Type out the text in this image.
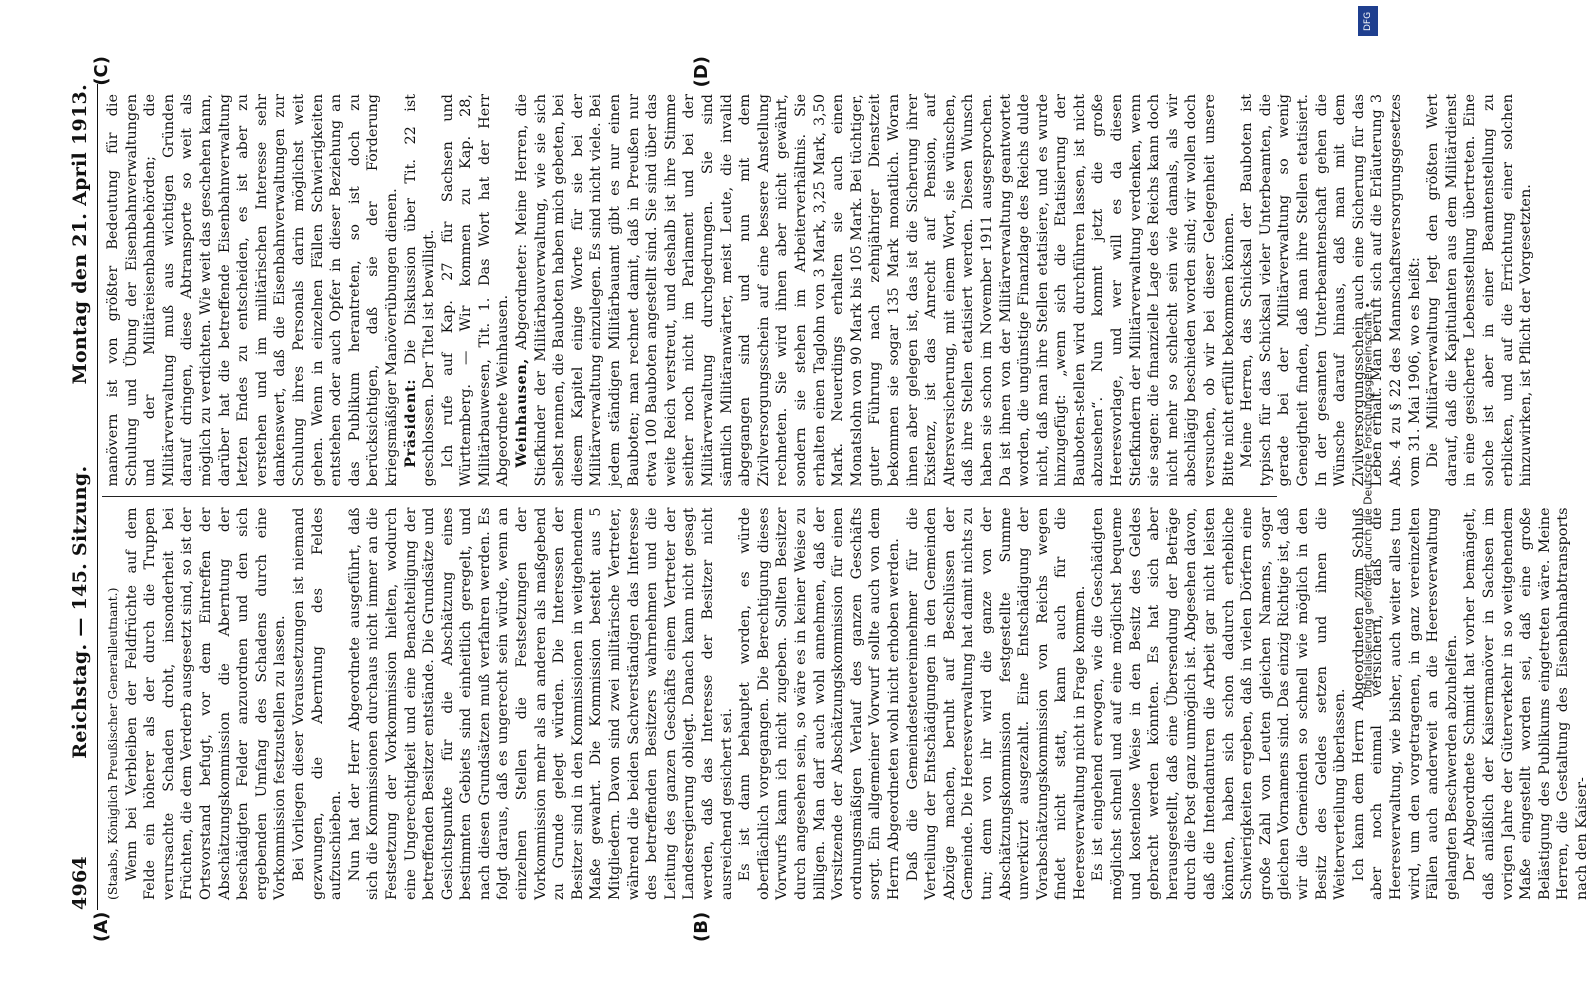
4964
Reichstag. — 145. Sitzung.
Montag den 21. April 1913.

(Staabs, Königlich Preußischer Generalleutnant.) Wenn bei Verbleiben der Feldfrüchte auf dem Felde ein höherer als der durch die Truppen verursachte Schaden droht, insonderheit bei Früchten, die dem Verderb ausgesetzt sind, so ist der Ortsvorstand befugt, vor dem Eintreffen der Abschätzungskommission die Aberntung der beschädigten Felder anzuordnen und den sich ergebenden Umfang des Schadens durch eine Vorkommission festzustellen zu lassen. Bei Vorliegen dieser Voraussetzungen ist niemand gezwungen, die Aberntung des Feldes aufzuschieben. Nun hat der Herr Abgeordnete ausgeführt, daß sich die Kommissionen durchaus nicht immer an die Festsetzung der Vorkommission hielten, wodurch eine Ungerechtigkeit und eine Benachteiligung der betreffenden Besitzer entstände. Die Grundsätze und Gesichtspunkte für die Abschätzung eines bestimmten Gebiets sind einheitlich geregelt, und nach diesen Grundsätzen muß verfahren werden. Es folgt daraus, daß es ungerecht sein würde, wenn an einzelnen Stellen die Festsetzungen der Vorkommission mehr als an anderen als maßgebend zu Grunde gelegt würden. Die Interessen der Besitzer sind in den Kommissionen in weitgehendem Maße gewahrt. Die Kommission besteht aus 5 Mitgliedern. Davon sind zwei militärische Vertreter, während die beiden Sachverständigen das Interesse des betreffenden Besitzers wahrnehmen und die Leitung des ganzen Geschäfts einem Vertreter der Landesregierung obliegt. Danach kann nicht gesagt werden, daß das Interesse der Besitzer nicht ausreichend gesichert sei. Es ist dann behauptet worden, es würde oberflächlich vorgegangen. Die Berechtigung dieses Vorwurfs kann ich nicht zugeben. Sollten Besitzer durch angesehen sein, so wäre es in keiner Weise zu billigen. Man darf auch wohl annehmen, daß der Vorsitzende der Abschätzungskommission für einen ordnungsmäßigen Verlauf des ganzen Geschäfts sorgt. Ein allgemeiner Vorwurf sollte auch von dem Herrn Abgeordneten wohl nicht erhoben werden. Daß die Gemeindesteuereinnehmer für die Verteilung der Entschädigungen in den Gemeinden Abzüge machen, beruht auf Beschlüssen der Gemeinde. Die Heeresverwaltung hat damit nichts zu tun; denn von ihr wird die ganze von der Abschätzungskommission festgestellte Summe unverkürzt ausgezahlt. Eine Entschädigung der Vorabschätzungskommission von Reichs wegen findet nicht statt, kann auch für die Heeresverwaltung nicht in Frage kommen. Es ist eingehend erwogen, wie die Geschädigten möglichst schnell und auf eine möglichst bequeme und kostenlose Weise in den Besitz des Geldes gebracht werden könnten. Es hat sich aber herausgestellt, daß eine Übersendung der Beträge durch die Post ganz unmöglich ist. Abgesehen davon, daß die Intendanturen die Arbeit gar nicht leisten könnten, haben sich schon dadurch erhebliche Schwierigkeiten ergeben, daß in vielen Dörfern eine große Zahl von Leuten gleichen Namens, sogar gleichen Vornamens sind. Das einzig Richtige ist, daß wir die Gemeinden so schnell wie möglich in den Besitz des Geldes setzen und ihnen die Weiterverteilung überlassen. Ich kann dem Herrn Abgeordneten zum Schluß aber noch einmal versichern, daß die Heeresverwaltung, wie bisher, auch weiter alles tun wird, um den vorgetragenen, in ganz vereinzelten Fällen auch anderweit an die Heeresverwaltung gelangten Beschwerden abzuhelfen. Der Abgeordnete Schmidt hat vorher bemängelt, daß anläßlich der Kaisermanöver in Sachsen im vorigen Jahre der Güterverkehr in so weitgehendem Maße eingestellt worden sei, daß eine große Belästigung des Publikums eingetreten wäre. Meine Herren, die Gestaltung des Eisenbahnabtransports nach den Kaiser-

manövern ist von größter Bedeutung für die Schulung und Übung der Eisenbahnverwaltungen und der Militäreisenbahnbehörden; die Militärverwaltung muß aus wichtigen Gründen darauf dringen, diese Abtransporte so weit als möglich zu verdichten. Wie weit das geschehen kann, darüber hat die betreffende Eisenbahnverwaltung letzten Endes zu entscheiden, es ist aber zu verstehen und im militärischen Interesse sehr dankenswert, daß die Eisenbahnverwaltungen zur Schulung ihres Personals darin möglichst weit gehen. Wenn in einzelnen Fällen Schwierigkeiten entstehen oder auch Opfer in dieser Beziehung an das Publikum herantreten, so ist doch zu berücksichtigen, daß sie der Förderung kriegsmäßiger Manöverübungen dienen. Präsident: Die Diskussion über Tit. 22 ist geschlossen. Der Titel ist bewilligt. Ich rufe auf Kap. 27 für Sachsen und Württemberg. — Wir kommen zu Kap. 28, Militärbauwesen, Tit. 1. Das Wort hat der Herr Abgeordnete Weinhausen. Weinhausen, Abgeordneter: Meine Herren, die Stiefkinder der Militärbauverwaltung, wie sie sich selbst nennen, die Bauboten haben mich gebeten, bei diesem Kapitel einige Worte für sie bei der Militärverwaltung einzulegen. Es sind nicht viele. Bei jedem ständigen Militärbauamt gibt es nur einen Bauboten; man rechnet damit, daß in Preußen nur etwa 100 Bauboten angestellt sind. Sie sind über das weite Reich verstreut, und deshalb ist ihre Stimme seither noch nicht im Parlament und bei der Militärverwaltung durchgedrungen. Sie sind sämtlich Militäranwärter, meist Leute, die invalid abgegangen sind und nun mit dem Zivilversorgungsschein auf eine bessere Anstellung rechneten. Sie wird ihnen aber nicht gewährt, sondern sie stehen im Arbeiterverhältnis. Sie erhalten einen Taglohn von 3 Mark, 3,25 Mark, 3,50 Mark. Neuerdings erhalten sie auch einen Monatslohn von 90 Mark bis 105 Mark. Bei tüchtiger, guter Führung nach zehnjähriger Dienstzeit bekommen sie sogar 135 Mark monatlich. Woran ihnen aber gelegen ist, das ist die Sicherung ihrer Existenz, ist das Anrecht auf Pension, auf Altersversicherung, mit einem Wort, sie wünschen, daß ihre Stellen etatisiert werden. Diesen Wunsch haben sie schon im November 1911 ausgesprochen. Da ist ihnen von der Militärverwaltung geantwortet worden, die ungünstige Finanzlage des Reichs dulde nicht, daß man ihre Stellen etatisiere, und es wurde hinzugefügt: „wenn sich die Etatisierung der Bauboten-stellen wird durchführen lassen, ist nicht abzusehen“. Nun kommt jetzt die große Heeresvorlage, und wer will es da diesen Stiefkindern der Militärverwaltung verdenken, wenn sie sagen: die finanzielle Lage des Reichs kann doch nicht mehr so schlecht sein wie damals, als wir abschlägig beschieden worden sind; wir wollen doch versuchen, ob wir bei dieser Gelegenheit unsere Bitte nicht erfüllt bekommen können. Meine Herren, das Schicksal der Bauboten ist typisch für das Schicksal vieler Unterbeamten, die gerade bei der Militärverwaltung so wenig Geneigtheit finden, daß man ihre Stellen etatisiert. In der gesamten Unterbeamtenschaft gehen die Wünsche darauf hinaus, daß man mit dem Zivilversorgungsschein auch eine Sicherung für das Leben erhält. Man beruft sich auf die Erläuterung 3 Abs. 4 zu § 22 des Mannschaftsversorgungsgesetzes vom 31. Mai 1906, wo es heißt: Die Militärverwaltung legt den größten Wert darauf, daß die Kapitulanten aus dem Militärdienst in eine gesicherte Lebensstellung übertreten. Eine solche ist aber in einer Beamtenstellung zu erblicken, und auf die Errichtung einer solchen hinzuwirken, ist Pflicht der Vorgesetzten.

(A)	(B)
(C)	(D)
Digitalisierung gefördert durch die Deutsche Forschungsgemeinschaft •
DFG
